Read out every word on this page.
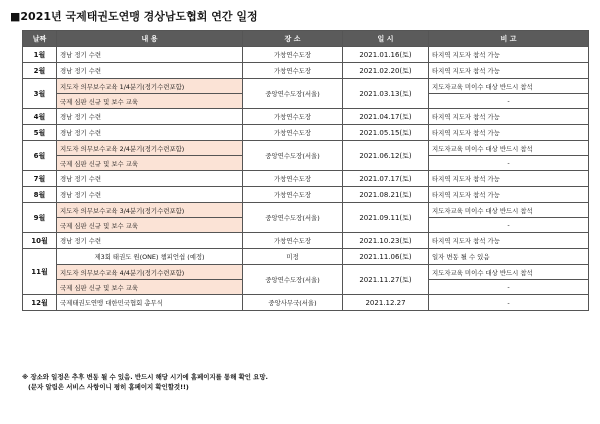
■2021년 국제태권도연맹 경상남도협회 연간 일정
날짜	내 용	장 소	일 시	비 고
1월	경남 정기 수련	가창연수도장	2021.01.16(토)	타지역 지도자 참석 가능
2월	경남 정기 수련	가창연수도장	2021.02.20(토)	타지역 지도자 참석 가능
3월	지도자 의무보수교육 1/4분기(정기수련포함)	중앙연수도장(서울)	2021.03.13(토)	지도자교육 미이수 대상 반드시 참석
	국제 심판 신규 및 보수 교육			-
4월	경남 정기 수련	가창연수도장	2021.04.17(토)	타지역 지도자 참석 가능
5월	경남 정기 수련	가창연수도장	2021.05.15(토)	타지역 지도자 참석 가능
6월	지도자 의무보수교육 2/4분기(정기수련포함)	중앙연수도장(서울)	2021.06.12(토)	지도자교육 미이수 대상 반드시 참석
	국제 심판 신규 및 보수 교육			-
7월	경남 정기 수련	가창연수도장	2021.07.17(토)	타지역 지도자 참석 가능
8월	경남 정기 수련	가창연수도장	2021.08.21(토)	타지역 지도자 참석 가능
9월	지도자 의무보수교육 3/4분기(정기수련포함)	중앙연수도장(서울)	2021.09.11(토)	지도자교육 미이수 대상 반드시 참석
	국제 심판 신규 및 보수 교육			-
10월	경남 정기 수련	가창연수도장	2021.10.23(토)	타지역 지도자 참석 가능
11월	제3회 태권도 원(ONE) 챔피언쉽 (예정)	미정	2021.11.06(토)	일자 변동 될 수 있음
	지도자 의무보수교육 4/4분기(정기수련포함)	중앙연수도장(서울)	2021.11.27(토)	지도자교육 미이수 대상 반드시 참석
	국제 심판 신규 및 보수 교육			-
12월	국제태권도연맹 대한민국협회 총무식	중앙사무국(서울)	2021.12.27	-
※ 장소와 일정은 추후 변동 될 수 있음. 반드시 해당 시기에 홈페이지를 통해 확인 요망.
(문자 알림은 서비스 사항이니 평히 홈페이지 확인할것!!)
